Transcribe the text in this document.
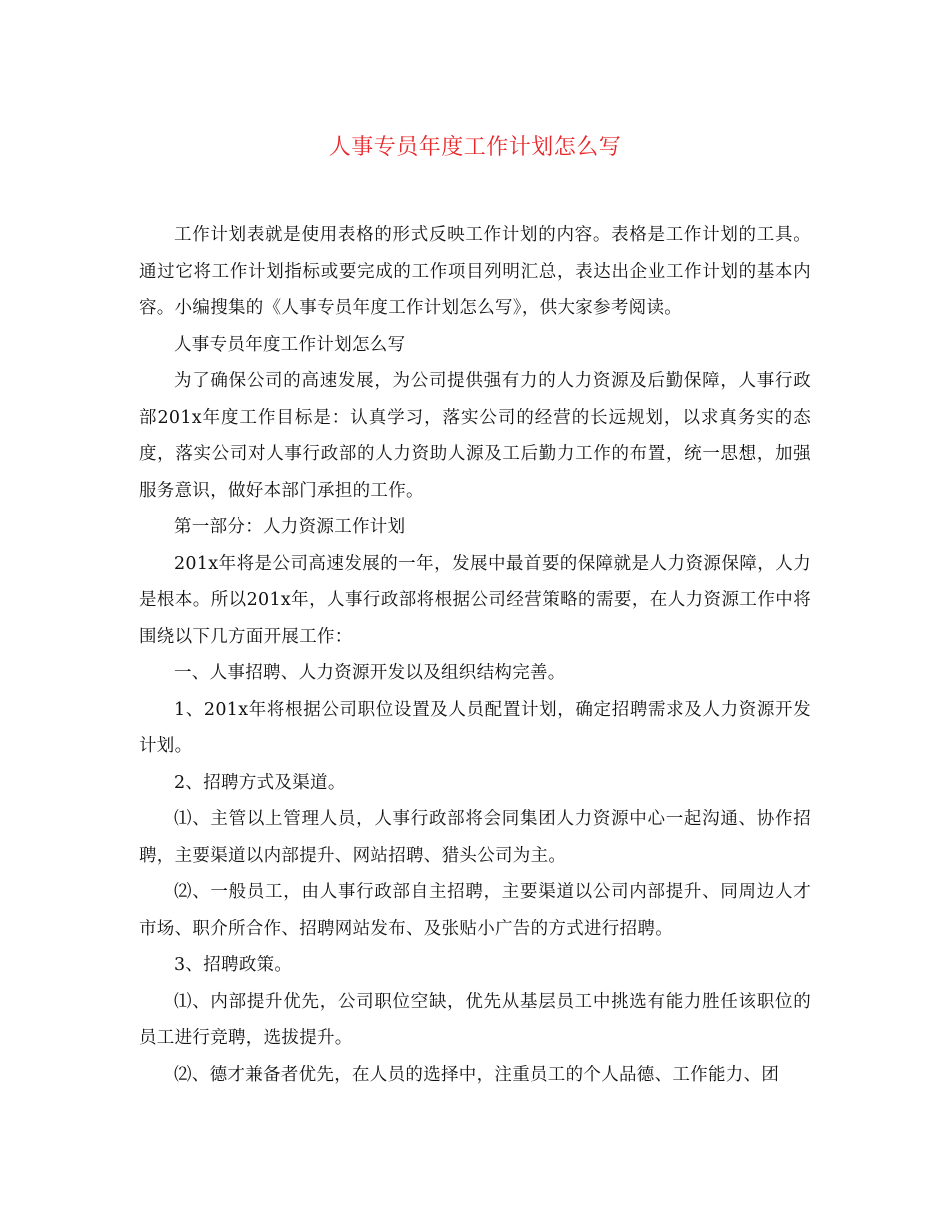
人事专员年度工作计划怎么写

工作计划表就是使用表格的形式反映工作计划的内容。表格是工作计划的工具。通过它将工作计划指标或要完成的工作项目列明汇总，表达出企业工作计划的基本内容。小编搜集的《人事专员年度工作计划怎么写》，供大家参考阅读。

人事专员年度工作计划怎么写

为了确保公司的高速发展，为公司提供强有力的人力资源及后勤保障，人事行政部201x年度工作目标是：认真学习，落实公司的经营的长远规划，以求真务实的态度，落实公司对人事行政部的人力资助人源及工后勤力工作的布置，统一思想，加强服务意识，做好本部门承担的工作。

第一部分：人力资源工作计划

201x年将是公司高速发展的一年，发展中最首要的保障就是人力资源保障，人力是根本。所以201x年，人事行政部将根据公司经营策略的需要，在人力资源工作中将围绕以下几方面开展工作：

一、人事招聘、人力资源开发以及组织结构完善。

1、201x年将根据公司职位设置及人员配置计划，确定招聘需求及人力资源开发计划。

2、招聘方式及渠道。

⑴、主管以上管理人员，人事行政部将会同集团人力资源中心一起沟通、协作招聘，主要渠道以内部提升、网站招聘、猎头公司为主。

⑵、一般员工，由人事行政部自主招聘，主要渠道以公司内部提升、同周边人才市场、职介所合作、招聘网站发布、及张贴小广告的方式进行招聘。

3、招聘政策。

⑴、内部提升优先，公司职位空缺，优先从基层员工中挑选有能力胜任该职位的员工进行竞聘，选拔提升。

⑵、德才兼备者优先，在人员的选择中，注重员工的个人品德、工作能力、团
